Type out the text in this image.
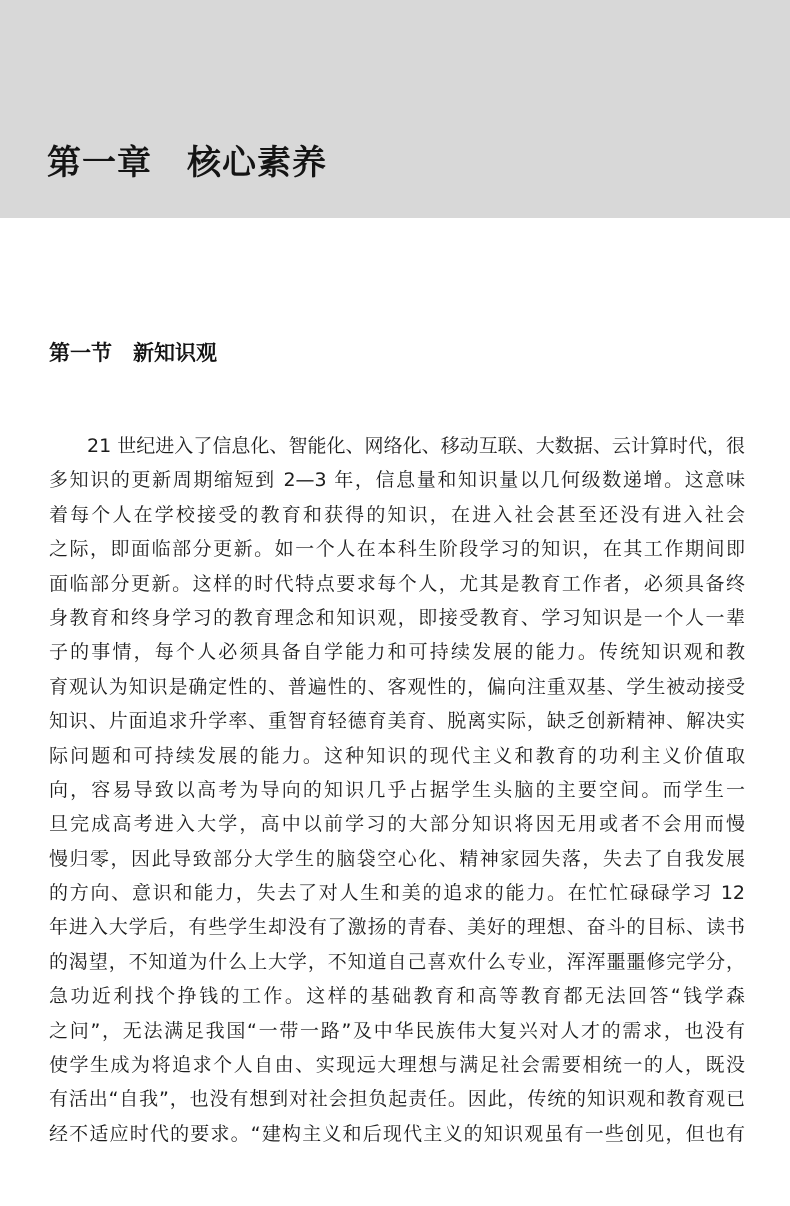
第一章　核心素养
第一节　新知识观
21 世纪进入了信息化、智能化、网络化、移动互联、大数据、云计算时代，很
多知识的更新周期缩短到 2—3 年，信息量和知识量以几何级数递增。这意味
着每个人在学校接受的教育和获得的知识，在进入社会甚至还没有进入社会
之际，即面临部分更新。如一个人在本科生阶段学习的知识，在其工作期间即
面临部分更新。这样的时代特点要求每个人，尤其是教育工作者，必须具备终
身教育和终身学习的教育理念和知识观，即接受教育、学习知识是一个人一辈
子的事情，每个人必须具备自学能力和可持续发展的能力。传统知识观和教
育观认为知识是确定性的、普遍性的、客观性的，偏向注重双基、学生被动接受
知识、片面追求升学率、重智育轻德育美育、脱离实际，缺乏创新精神、解决实
际问题和可持续发展的能力。这种知识的现代主义和教育的功利主义价值取
向，容易导致以高考为导向的知识几乎占据学生头脑的主要空间。而学生一
旦完成高考进入大学，高中以前学习的大部分知识将因无用或者不会用而慢
慢归零，因此导致部分大学生的脑袋空心化、精神家园失落，失去了自我发展
的方向、意识和能力，失去了对人生和美的追求的能力。在忙忙碌碌学习 12
年进入大学后，有些学生却没有了激扬的青春、美好的理想、奋斗的目标、读书
的渴望，不知道为什么上大学，不知道自己喜欢什么专业，浑浑噩噩修完学分，
急功近利找个挣钱的工作。这样的基础教育和高等教育都无法回答“钱学森
之问”，无法满足我国“一带一路”及中华民族伟大复兴对人才的需求，也没有
使学生成为将追求个人自由、实现远大理想与满足社会需要相统一的人，既没
有活出“自我”，也没有想到对社会担负起责任。因此，传统的知识观和教育观已
经不适应时代的要求。“建构主义和后现代主义的知识观虽有一些创见，但也有
